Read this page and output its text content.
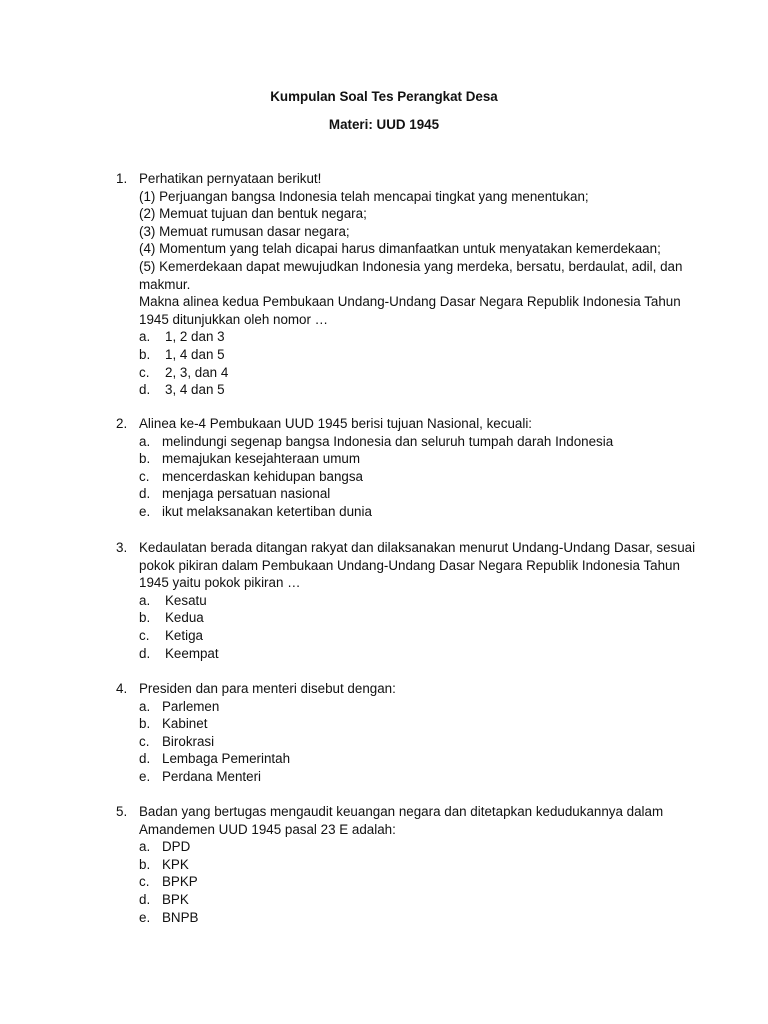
Kumpulan Soal Tes Perangkat Desa
Materi: UUD 1945
1. Perhatikan pernyataan berikut!
(1) Perjuangan bangsa Indonesia telah mencapai tingkat yang menentukan;
(2) Memuat tujuan dan bentuk negara;
(3) Memuat rumusan dasar negara;
(4) Momentum yang telah dicapai harus dimanfaatkan untuk menyatakan kemerdekaan;
(5) Kemerdekaan dapat mewujudkan Indonesia yang merdeka, bersatu, berdaulat, adil, dan
makmur.
Makna alinea kedua Pembukaan Undang-Undang Dasar Negara Republik Indonesia Tahun
1945 ditunjukkan oleh nomor …
a. 1, 2 dan 3
b. 1, 4 dan 5
c. 2, 3, dan 4
d. 3, 4 dan 5
2. Alinea ke-4 Pembukaan UUD 1945 berisi tujuan Nasional, kecuali:
a. melindungi segenap bangsa Indonesia dan seluruh tumpah darah Indonesia
b. memajukan kesejahteraan umum
c. mencerdaskan kehidupan bangsa
d. menjaga persatuan nasional
e. ikut melaksanakan ketertiban dunia
3. Kedaulatan berada ditangan rakyat dan dilaksanakan menurut Undang-Undang Dasar, sesuai
pokok pikiran dalam Pembukaan Undang-Undang Dasar Negara Republik Indonesia Tahun
1945 yaitu pokok pikiran …
a. Kesatu
b. Kedua
c. Ketiga
d. Keempat
4. Presiden dan para menteri disebut dengan:
a. Parlemen
b. Kabinet
c. Birokrasi
d. Lembaga Pemerintah
e. Perdana Menteri
5. Badan yang bertugas mengaudit keuangan negara dan ditetapkan kedudukannya dalam
Amandemen UUD 1945 pasal 23 E adalah:
a. DPD
b. KPK
c. BPKP
d. BPK
e. BNPB
